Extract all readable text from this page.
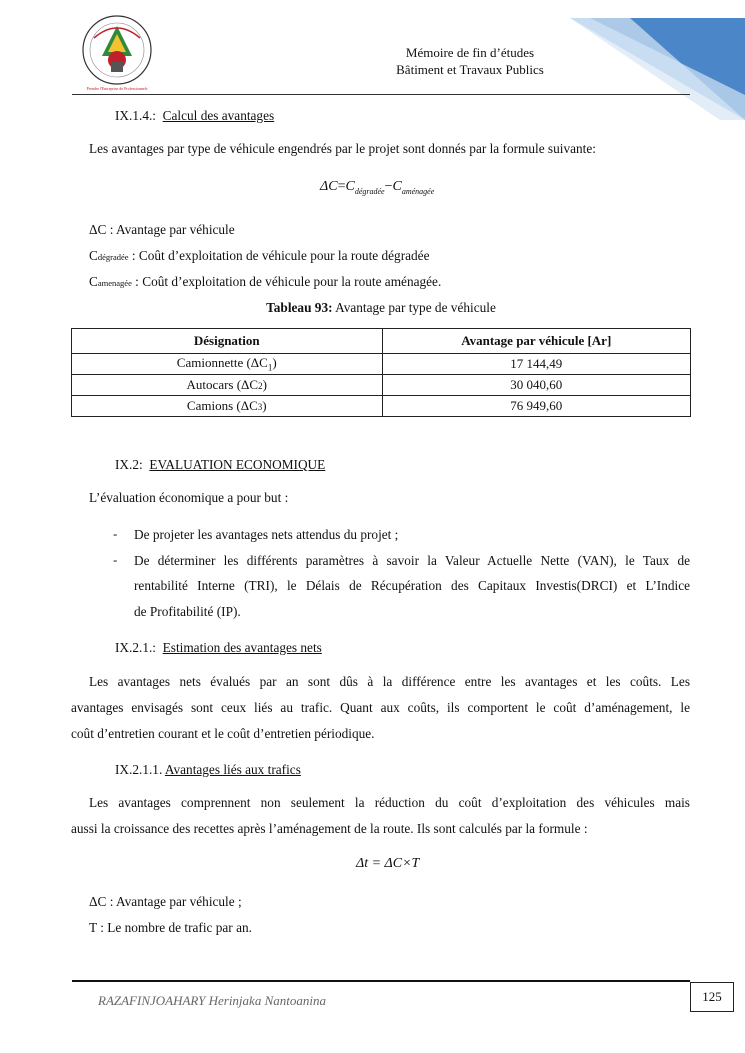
Prendre l'Entreprise de Professionnels
Mémoire de fin d’études
Bâtiment et Travaux Publics
IX.1.4.: Calcul des avantages
Les avantages par type de véhicule engendrés par le projet sont donnés par la formule suivante:
$\Delta C=C_{dégradée}-C_{aménagée}$
ΔC : Avantage par véhicule
Cdégradée : Coût d’exploitation de véhicule pour la route dégradée
Camenagée : Coût d’exploitation de véhicule pour la route aménagée.
Tableau 93: Avantage par type de véhicule
Désignation	Avantage par véhicule [Ar]
Camionnette $(\Delta C_1)$	17 144,49
Autocars (ΔC2)	30 040,60
Camions (ΔC3)	76 949,60
IX.2: EVALUATION ECONOMIQUE
L’évaluation économique a pour but :
- De projeter les avantages nets attendus du projet ;
- De déterminer les différents paramètres à savoir la Valeur Actuelle Nette (VAN), le Taux de
rentabilité Interne (TRI), le Délais de Récupération des Capitaux Investis(DRCI) et L’Indice
de Profitabilité (IP).
IX.2.1.: Estimation des avantages nets
Les avantages nets évalués par an sont dûs à la différence entre les avantages et les coûts. Les
avantages envisagés sont ceux liés au trafic. Quant aux coûts, ils comportent le coût d’aménagement, le
coût d’entretien courant et le coût d’entretien périodique.
IX.2.1.1. Avantages liés aux trafics
Les avantages comprennent non seulement la réduction du coût d’exploitation des véhicules mais
aussi la croissance des recettes après l’aménagement de la route. Ils sont calculés par la formule :
Δt = ΔC×T
ΔC : Avantage par véhicule ;
T : Le nombre de trafic par an.
RAZAFINJOAHARY Herinjaka Nantoanina	125
